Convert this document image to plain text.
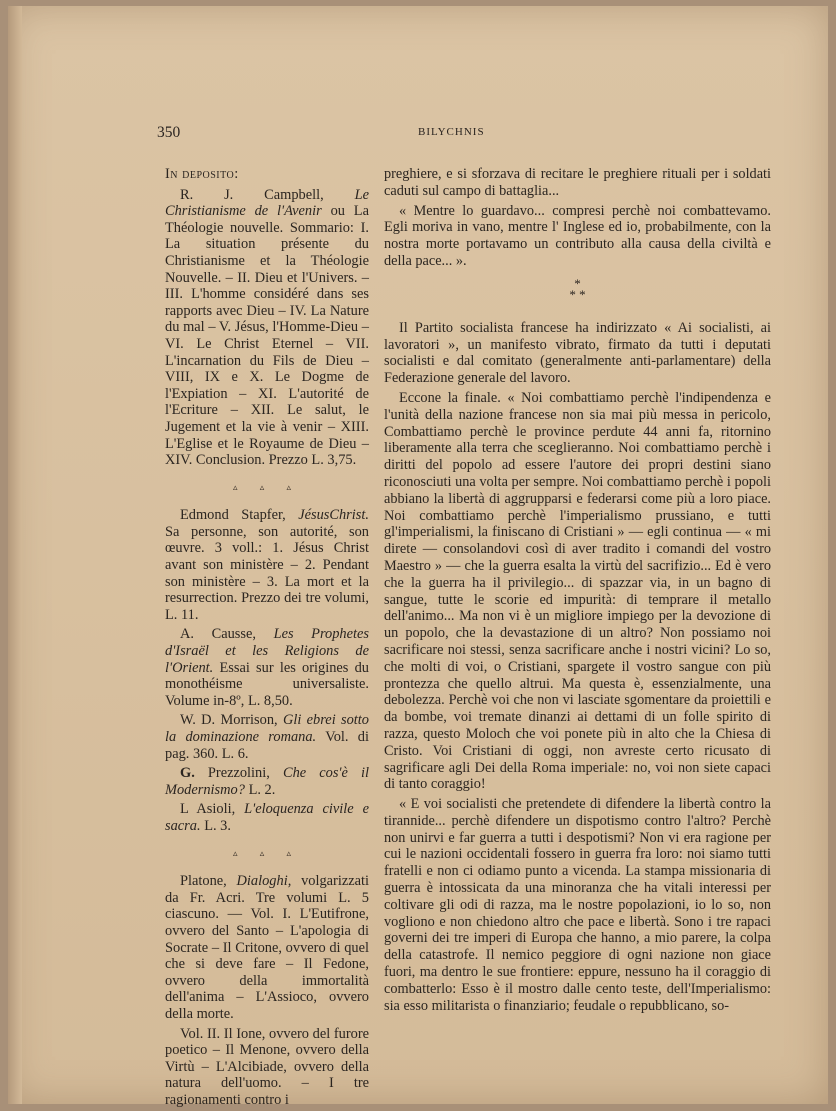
350	BILYCHNIS

In deposito:

R. J. Campbell, Le Christianisme de l'Avenir ou La Théologie nouvelle. Sommario: I. La situation présente du Christianisme et la Théologie Nouvelle. – II. Dieu et l'Univers. – III. L'homme considéré dans ses rapports avec Dieu – IV. La Nature du mal – V. Jésus, l'Homme-Dieu – VI. Le Christ Eternel – VII. L'incarnation du Fils de Dieu – VIII, IX e X. Le Dogme de l'Expiation – XI. L'autorité de l'Ecriture – XII. Le salut, le Jugement et la vie à venir – XIII. L'Eglise et le Royaume de Dieu – XIV. Conclusion. Prezzo L. 3,75.

▵ ▵ ▵

Edmond Stapfer, JésusChrist. Sa personne, son autorité, son œuvre. 3 voll.: 1. Jésus Christ avant son ministère – 2. Pendant son ministère – 3. La mort et la resurrection. Prezzo dei tre volumi, L. 11.

A. Causse, Les Prophetes d'Israël et les Religions de l'Orient. Essai sur les origines du monothéisme universaliste. Volume in-8º, L. 8,50.

W. D. Morrison, Gli ebrei sotto la dominazione romana. Vol. di pag. 360. L. 6.

G. Prezzolini, Che cos'è il Modernismo? L. 2.

L Asioli, L'eloquenza civile e sacra. L. 3.

▵ ▵ ▵

Platone, Dialoghi, volgarizzati da Fr. Acri. Tre volumi L. 5 ciascuno. — Vol. I. L'Eutifrone, ovvero del Santo – L'apologia di Socrate – Il Critone, ovvero di quel che si deve fare – Il Fedone, ovvero della immortalità dell'anima – L'Assioco, ovvero della morte.

Vol. II. Il Ione, ovvero del furore poetico – Il Menone, ovvero della Virtù – L'Alcibiade, ovvero della natura dell'uomo. – I tre ragionamenti contro i

preghiere, e si sforzava di recitare le preghiere rituali per i soldati caduti sul campo di battaglia...

« Mentre lo guardavo... compresi perchè noi combattevamo. Egli moriva in vano, mentre l' Inglese ed io, probabilmente, con la nostra morte portavamo un contributo alla causa della civiltà e della pace... ».

*
* *

Il Partito socialista francese ha indirizzato « Ai socialisti, ai lavoratori », un manifesto vibrato, firmato da tutti i deputati socialisti e dal comitato (generalmente anti-parlamentare) della Federazione generale del lavoro.

Eccone la finale. « Noi combattiamo perchè l'indipendenza e l'unità della nazione francese non sia mai più messa in pericolo, Combattiamo perchè le province perdute 44 anni fa, ritornino liberamente alla terra che sceglieranno. Noi combattiamo perchè i diritti del popolo ad essere l'autore dei propri destini siano riconosciuti una volta per sempre. Noi combattiamo perchè i popoli abbiano la libertà di aggrupparsi e federarsi come più a loro piace. Noi combattiamo perchè l'imperialismo prussiano, e tutti gl'imperialismi, la finiscano di Cristiani » — egli continua — « mi direte — consolandovi così di aver tradito i comandi del vostro Maestro » — che la guerra esalta la virtù del sacrifizio... Ed è vero che la guerra ha il privilegio... di spazzar via, in un bagno di sangue, tutte le scorie ed impurità: di temprare il metallo dell'animo... Ma non vi è un migliore impiego per la devozione di un popolo, che la devastazione di un altro? Non possiamo noi sacrificare noi stessi, senza sacrificare anche i nostri vicini? Lo so, che molti di voi, o Cristiani, spargete il vostro sangue con più prontezza che quello altrui. Ma questa è, essenzialmente, una debolezza. Perchè voi che non vi lasciate sgomentare da proiettili e da bombe, voi tremate dinanzi ai dettami di un folle spirito di razza, questo Moloch che voi ponete più in alto che la Chiesa di Cristo. Voi Cristiani di oggi, non avreste certo ricusato di sagrificare agli Dei della Roma imperiale: no, voi non siete capaci di tanto coraggio!

« E voi socialisti che pretendete di difendere la libertà contro la tirannide... perchè difendere un dispotismo contro l'altro? Perchè non unirvi e far guerra a tutti i despotismi? Non vi era ragione per cui le nazioni occidentali fossero in guerra fra loro: noi siamo tutti fratelli e non ci odiamo punto a vicenda. La stampa missionaria di guerra è intossicata da una minoranza che ha vitali interessi per coltivare gli odi di razza, ma le nostre popolazioni, io lo so, non vogliono e non chiedono altro che pace e libertà. Sono i tre rapaci governi dei tre imperi di Europa che hanno, a mio parere, la colpa della catastrofe. Il nemico peggiore di ogni nazione non giace fuori, ma dentro le sue frontiere: eppure, nessuno ha il coraggio di combatterlo: Esso è il mostro dalle cento teste, dell'Imperialismo: sia esso militarista o finanziario; feudale o repubblicano, so-
